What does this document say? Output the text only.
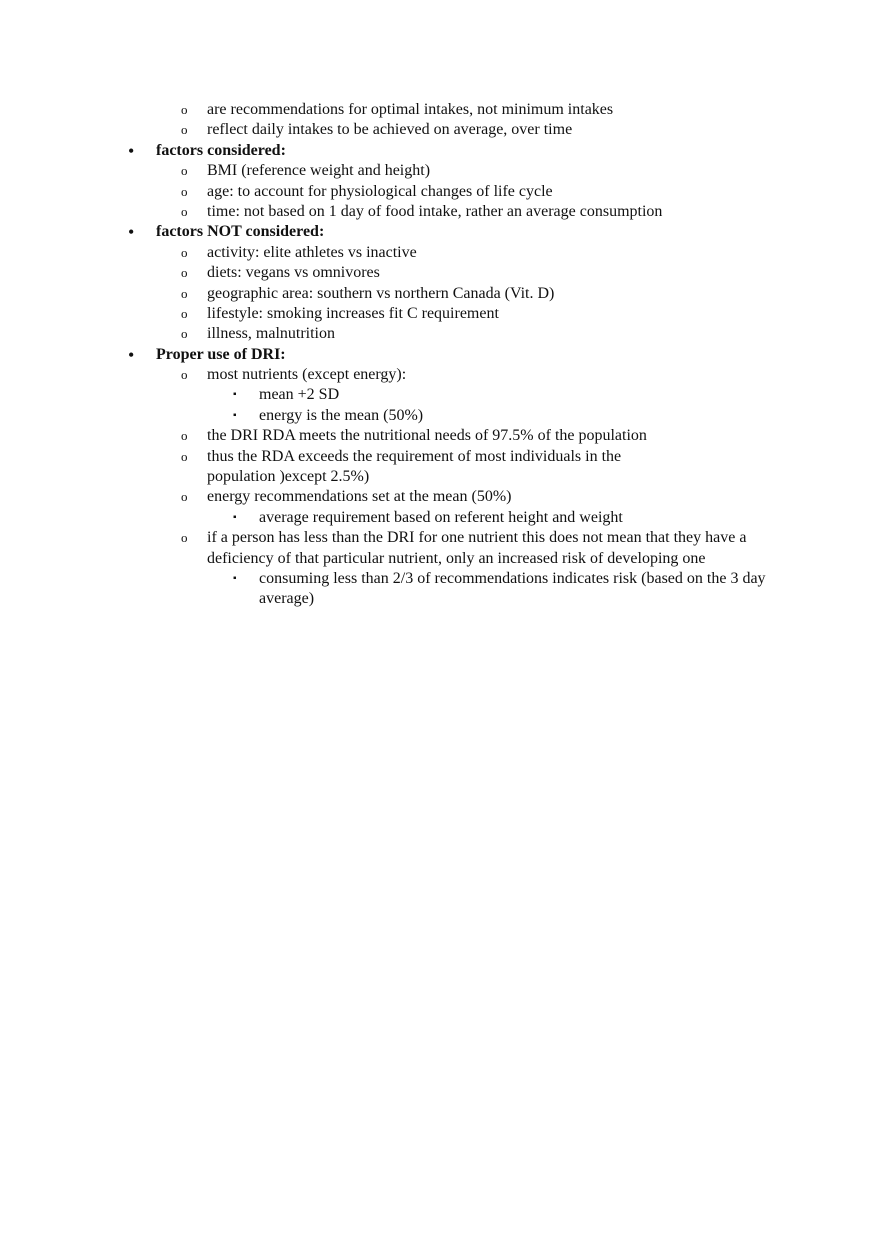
o are recommendations for optimal intakes, not minimum intakes
o reflect daily intakes to be achieved on average, over time
• factors considered:
o BMI (reference weight and height)
o age: to account for physiological changes of life cycle
o time: not based on 1 day of food intake, rather an average consumption
• factors NOT considered:
o activity: elite athletes vs inactive
o diets: vegans vs omnivores
o geographic area: southern vs northern Canada (Vit. D)
o lifestyle: smoking increases fit C requirement
o illness, malnutrition
• Proper use of DRI:
o most nutrients (except energy):
▪ mean +2 SD
▪ energy is the mean (50%)
o the DRI RDA meets the nutritional needs of 97.5% of the population
o thus the RDA exceeds the requirement of most individuals in the population )except 2.5%)
o energy recommendations set at the mean (50%)
▪ average requirement based on referent height and weight
o if a person has less than the DRI for one nutrient this does not mean that they have a deficiency of that particular nutrient, only an increased risk of developing one
▪ consuming less than 2/3 of recommendations indicates risk (based on the 3 day average)
